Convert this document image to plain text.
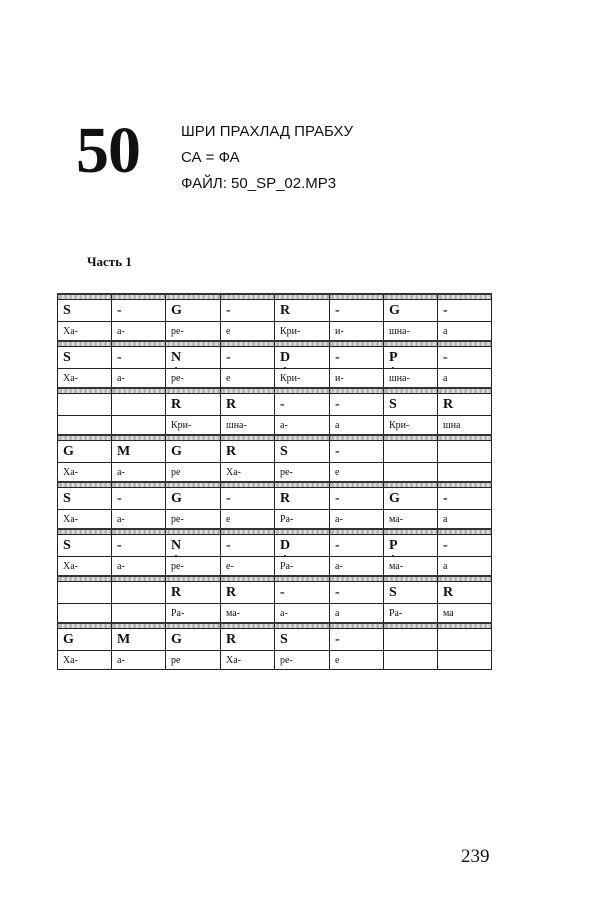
50	ШРИ ПРАХЛАД ПРАБХУ
СА = ФА
ФАЙЛ: 50_SP_02.MP3
Часть 1

S	-	G	-	R	-	G	-
Ха-	а-	ре-	е	Кри-	и-	шна-	а

S	-	N	-	D	-	P	-
Ха-	а-	ре-	е	Кри-	и-	шна-	а

		R	R	-	-	S	R
		Кри-	шна-	а-	а	Кри-	шна

G	M	G	R	S	-		
Ха-	а-	ре	Ха-	ре-	е		

S	-	G	-	R	-	G	-
Ха-	а-	ре-	е	Ра-	а-	ма-	а

S	-	N	-	D	-	P	-
Ха-	а-	ре-	е-	Ра-	а-	ма-	а

		R	R	-	-	S	R
		Ра-	ма-	а-	а	Ра-	ма

G	M	G	R	S	-		
Ха-	а-	ре	Ха-	ре-	е		
239
